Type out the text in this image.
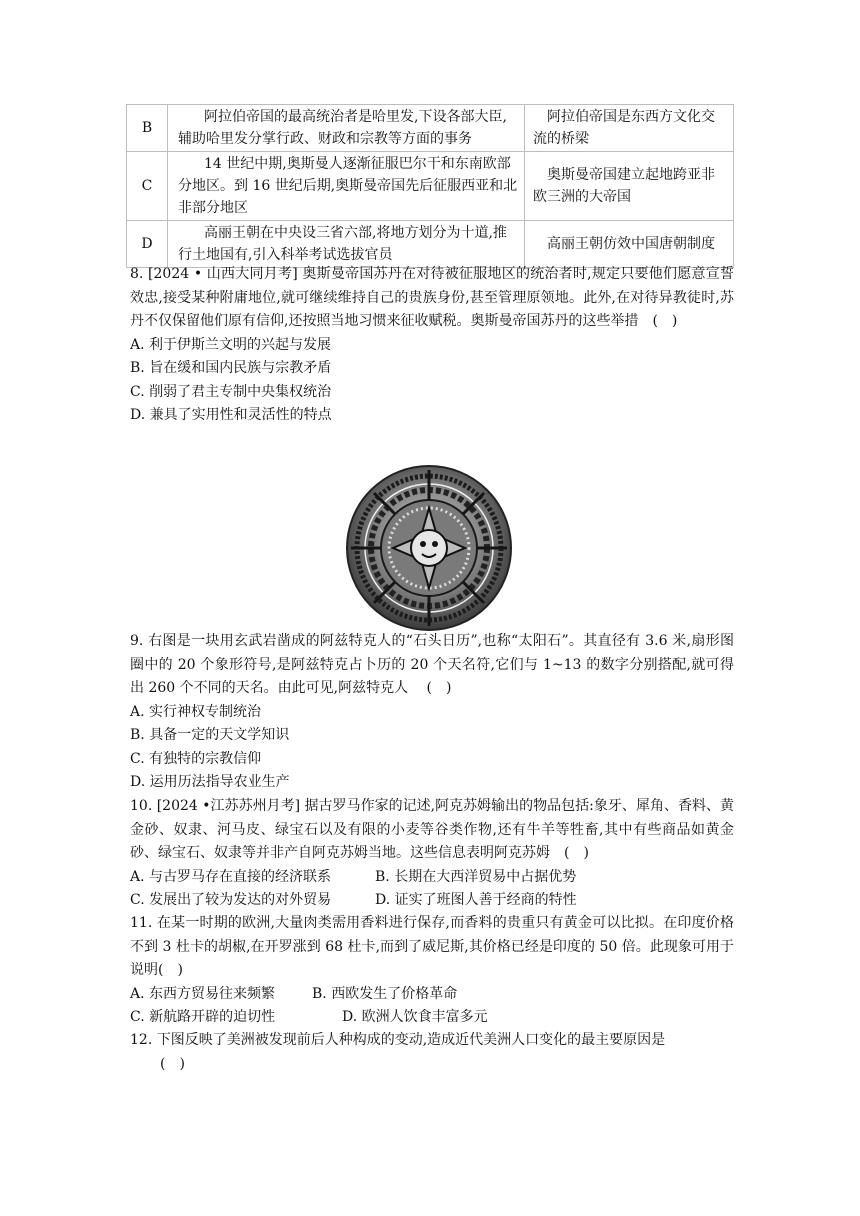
B	阿拉伯帝国的最高统治者是哈里发,下设各部大臣,辅助哈里发分掌行政、财政和宗教等方面的事务	阿拉伯帝国是东西方文化交流的桥梁
C	14 世纪中期,奥斯曼人逐渐征服巴尔干和东南欧部分地区。到 16 世纪后期,奥斯曼帝国先后征服西亚和北非部分地区	奥斯曼帝国建立起地跨亚非欧三洲的大帝国
D	高丽王朝在中央设三省六部,将地方划分为十道,推行土地国有,引入科举考试选拔官员	高丽王朝仿效中国唐朝制度

8. [2024 • 山西大同月考] 奥斯曼帝国苏丹在对待被征服地区的统治者时,规定只要他们愿意宣誓效忠,接受某种附庸地位,就可继续维持自己的贵族身份,甚至管理原领地。此外,在对待异教徒时,苏丹不仅保留他们原有信仰,还按照当地习惯来征收赋税。奥斯曼帝国苏丹的这些举措　(　)

A. 利于伊斯兰文明的兴起与发展
B. 旨在缓和国内民族与宗教矛盾
C. 削弱了君主专制中央集权统治
D. 兼具了实用性和灵活性的特点

9. 右图是一块用玄武岩凿成的阿兹特克人的“石头日历”,也称“太阳石”。其直径有 3.6 米,扇形图圈中的 20 个象形符号,是阿兹特克占卜历的 20 个天名符,它们与 1~13 的数字分别搭配,就可得出 260 个不同的天名。由此可见,阿兹特克人　 (　)

A. 实行神权专制统治
B. 具备一定的天文学知识
C. 有独特的宗教信仰
D. 运用历法指导农业生产

10. [2024 •江苏苏州月考] 据古罗马作家的记述,阿克苏姆输出的物品包括:象牙、犀角、香料、黄金砂、奴隶、河马皮、绿宝石以及有限的小麦等谷类作物,还有牛羊等牲畜,其中有些商品如黄金砂、绿宝石、奴隶等并非产自阿克苏姆当地。这些信息表明阿克苏姆　(　)

A. 与古罗马存在直接的经济联系	B. 长期在大西洋贸易中占据优势
C. 发展出了较为发达的对外贸易	D. 证实了班图人善于经商的特性

11. 在某一时期的欧洲,大量肉类需用香料进行保存,而香料的贵重只有黄金可以比拟。在印度价格不到 3 杜卡的胡椒,在开罗涨到 68 杜卡,而到了威尼斯,其价格已经是印度的 50 倍。此现象可用于说明(　)

A. 东西方贸易往来频繁	B. 西欧发生了价格革命
C. 新航路开辟的迫切性	D. 欧洲人饮食丰富多元

12. 下图反映了美洲被发现前后人种构成的变动,造成近代美洲人口变化的最主要原因是

(　)
